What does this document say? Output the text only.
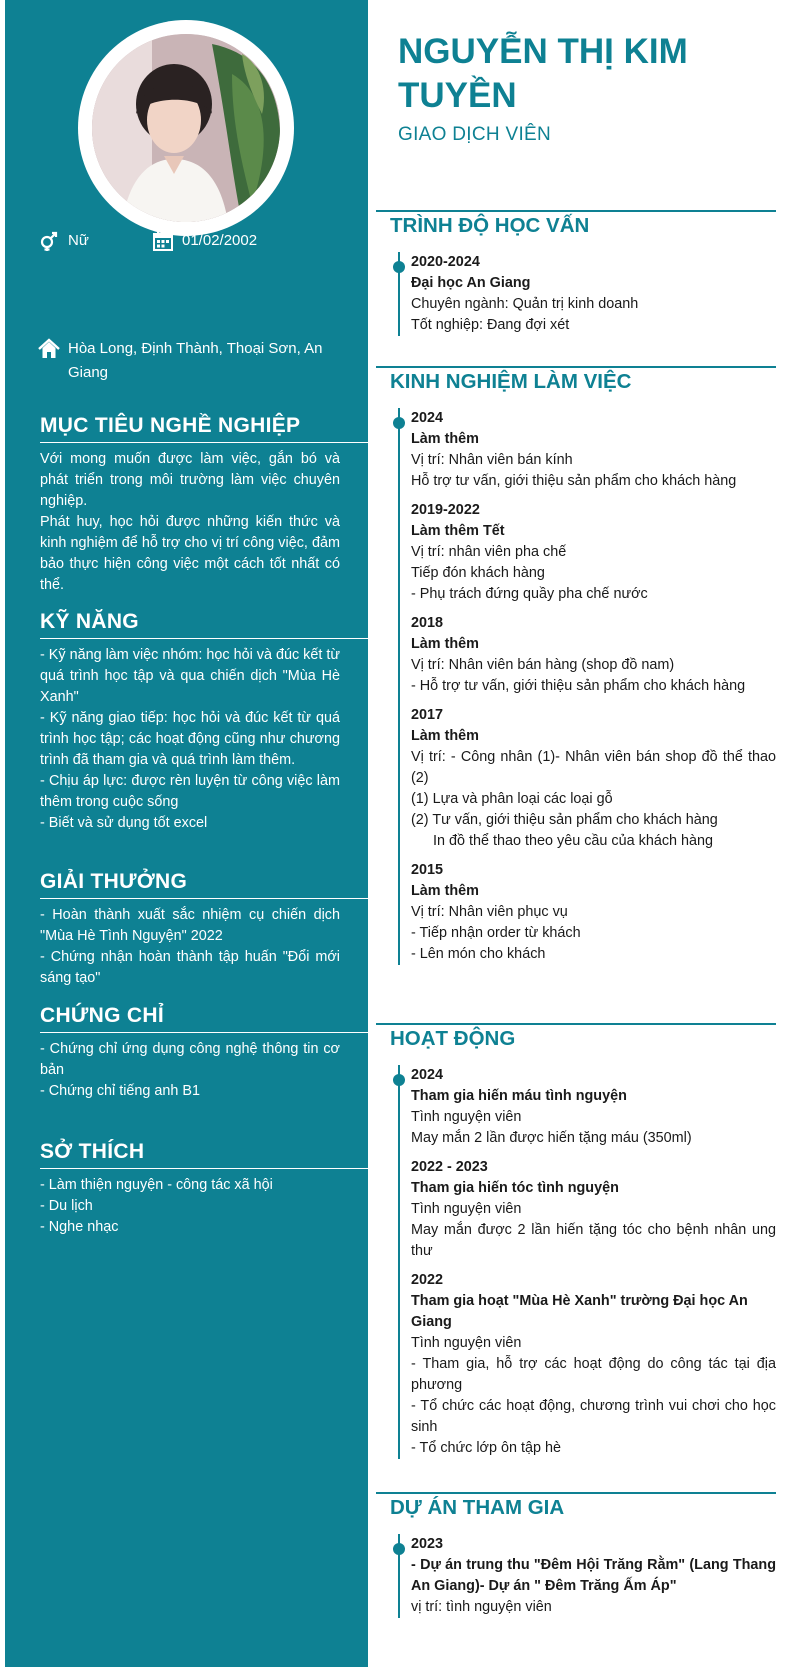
Nữ	01/02/2002
Hòa Long, Định Thành, Thoại Sơn, An Giang
MỤC TIÊU NGHỀ NGHIỆP

Với mong muốn được làm việc, gắn bó và phát triển trong môi trường làm việc chuyên nghiệp.

Phát huy, học hỏi được những kiến thức và kinh nghiệm để hỗ trợ cho vị trí công việc, đảm bảo thực hiện công việc một cách tốt nhất có thể.

KỸ NĂNG

- Kỹ năng làm việc nhóm: học hỏi và đúc kết từ quá trình học tập và qua chiến dịch "Mùa Hè Xanh"

- Kỹ năng giao tiếp: học hỏi và đúc kết từ quá trình học tập; các hoạt động cũng như chương trình đã tham gia và quá trình làm thêm.

- Chịu áp lực: được rèn luyện từ công việc làm thêm trong cuộc sống

- Biết và sử dụng tốt excel

GIẢI THƯỞNG

- Hoàn thành xuất sắc nhiệm cụ chiến dịch "Mùa Hè Tình Nguyện" 2022

- Chứng nhận hoàn thành tập huấn "Đổi mới sáng tạo"

CHỨNG CHỈ

- Chứng chỉ ứng dụng công nghệ thông tin cơ bản

- Chứng chỉ tiếng anh B1

SỞ THÍCH

- Làm thiện nguyện - công tác xã hội

- Du lịch

- Nghe nhạc

NGUYỄN THỊ KIM TUYỀN
GIAO DỊCH VIÊN
TRÌNH ĐỘ HỌC VẤN
2020-2024
Đại học An Giang
Chuyên ngành: Quản trị kinh doanh
Tốt nghiệp: Đang đợi xét
KINH NGHIỆM LÀM VIỆC
2024
Làm thêm
Vị trí: Nhân viên bán kính
Hỗ trợ tư vấn, giới thiệu sản phẩm cho khách hàng
2019-2022
Làm thêm Tết
Vị trí: nhân viên pha chế
Tiếp đón khách hàng
- Phụ trách đứng quầy pha chế nước
2018
Làm thêm
Vị trí: Nhân viên bán hàng (shop đồ nam)
- Hỗ trợ tư vấn, giới thiệu sản phẩm cho khách hàng
2017
Làm thêm
Vị trí: - Công nhân (1)- Nhân viên bán shop đồ thể thao (2)
(1) Lựa và phân loại các loại gỗ
(2) Tư vấn, giới thiệu sản phẩm cho khách hàng
In đồ thể thao theo yêu cầu của khách hàng
2015
Làm thêm
Vị trí: Nhân viên phục vụ
- Tiếp nhận order từ khách
- Lên món cho khách
HOẠT ĐỘNG
2024
Tham gia hiến máu tình nguyện
Tình nguyện viên
May mắn 2 lần được hiến tặng máu (350ml)
2022 - 2023
Tham gia hiến tóc tình nguyện
Tình nguyện viên
May mắn được 2 lần hiến tặng tóc cho bệnh nhân ung thư
2022
Tham gia hoạt "Mùa Hè Xanh" trường Đại học An Giang
Tình nguyện viên
- Tham gia, hỗ trợ các hoạt động do công tác tại địa phương
- Tổ chức các hoạt động, chương trình vui chơi cho học sinh
- Tổ chức lớp ôn tập hè
DỰ ÁN THAM GIA
2023
- Dự án trung thu "Đêm Hội Trăng Rằm" (Lang Thang An Giang)- Dự án " Đêm Trăng Ấm Áp"
vị trí: tình nguyện viên
